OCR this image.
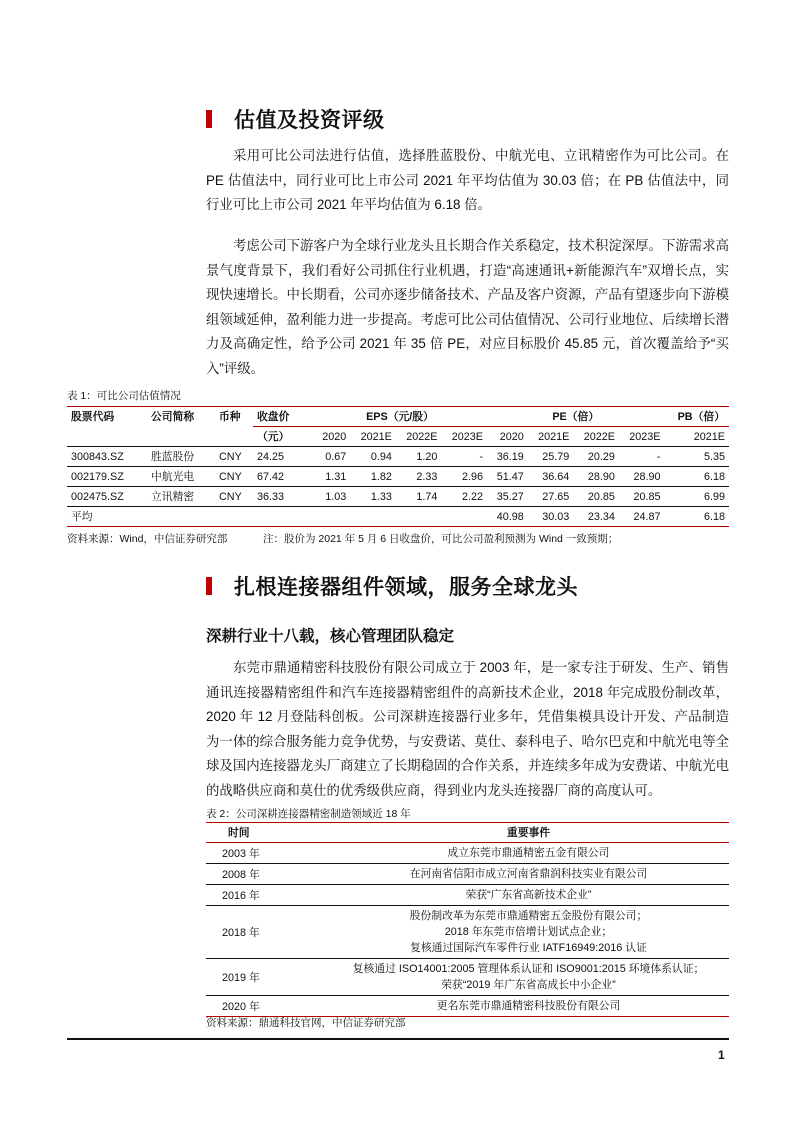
估值及投资评级

采用可比公司法进行估值，选择胜蓝股份、中航光电、立讯精密作为可比公司。在 PE 估值法中，同行业可比上市公司 2021 年平均估值为 30.03 倍；在 PB 估值法中，同行业可比上市公司 2021 年平均估值为 6.18 倍。

考虑公司下游客户为全球行业龙头且长期合作关系稳定，技术积淀深厚。下游需求高景气度背景下，我们看好公司抓住行业机遇，打造“高速通讯+新能源汽车”双增长点，实现快速增长。中长期看，公司亦逐步储备技术、产品及客户资源，产品有望逐步向下游模组领域延伸，盈利能力进一步提高。考虑可比公司估值情况、公司行业地位、后续增长潜力及高确定性，给予公司 2021 年 35 倍 PE，对应目标股价 45.85 元，首次覆盖给予“买入”评级。

表 1：可比公司估值情况
股票代码	公司简称	币种	收盘价	EPS（元/股）				PE（倍）				PB（倍）
			（元）	2020	2021E	2022E	2023E	2020	2021E	2022E	2023E	2021E
300843.SZ	胜蓝股份	CNY	24.25	0.67	0.94	1.20	-	36.19	25.79	20.29	-	5.35
002179.SZ	中航光电	CNY	67.42	1.31	1.82	2.33	2.96	51.47	36.64	28.90	28.90	6.18
002475.SZ	立讯精密	CNY	36.33	1.03	1.33	1.74	2.22	35.27	27.65	20.85	20.85	6.99
平均								40.98	30.03	23.34	24.87	6.18
资料来源：Wind，中信证券研究部	注：股价为 2021 年 5 月 6 日收盘价，可比公司盈利预测为 Wind 一致预期；
扎根连接器组件领域，服务全球龙头
深耕行业十八载，核心管理团队稳定

东莞市鼎通精密科技股份有限公司成立于 2003 年，是一家专注于研发、生产、销售通讯连接器精密组件和汽车连接器精密组件的高新技术企业，2018 年完成股份制改革，2020 年 12 月登陆科创板。公司深耕连接器行业多年，凭借集模具设计开发、产品制造为一体的综合服务能力竞争优势，与安费诺、莫仕、泰科电子、哈尔巴克和中航光电等全球及国内连接器龙头厂商建立了长期稳固的合作关系，并连续多年成为安费诺、中航光电的战略供应商和莫仕的优秀级供应商，得到业内龙头连接器厂商的高度认可。

表 2：公司深耕连接器精密制造领域近 18 年
时间	重要事件
2003 年	成立东莞市鼎通精密五金有限公司

2008 年	在河南省信阳市成立河南省鼎润科技实业有限公司

2016 年	荣获“广东省高新技术企业”

2018 年	股份制改革为东莞市鼎通精密五金股份有限公司；
2018 年东莞市倍增计划试点企业；
复核通过国际汽车零件行业 IATF16949:2016 认证

2019 年	复核通过 ISO14001:2005 管理体系认证和 ISO9001:2015 环境体系认证；
荣获“2019 年广东省高成长中小企业”

2020 年	更名东莞市鼎通精密科技股份有限公司
资料来源：鼎通科技官网，中信证券研究部
1
